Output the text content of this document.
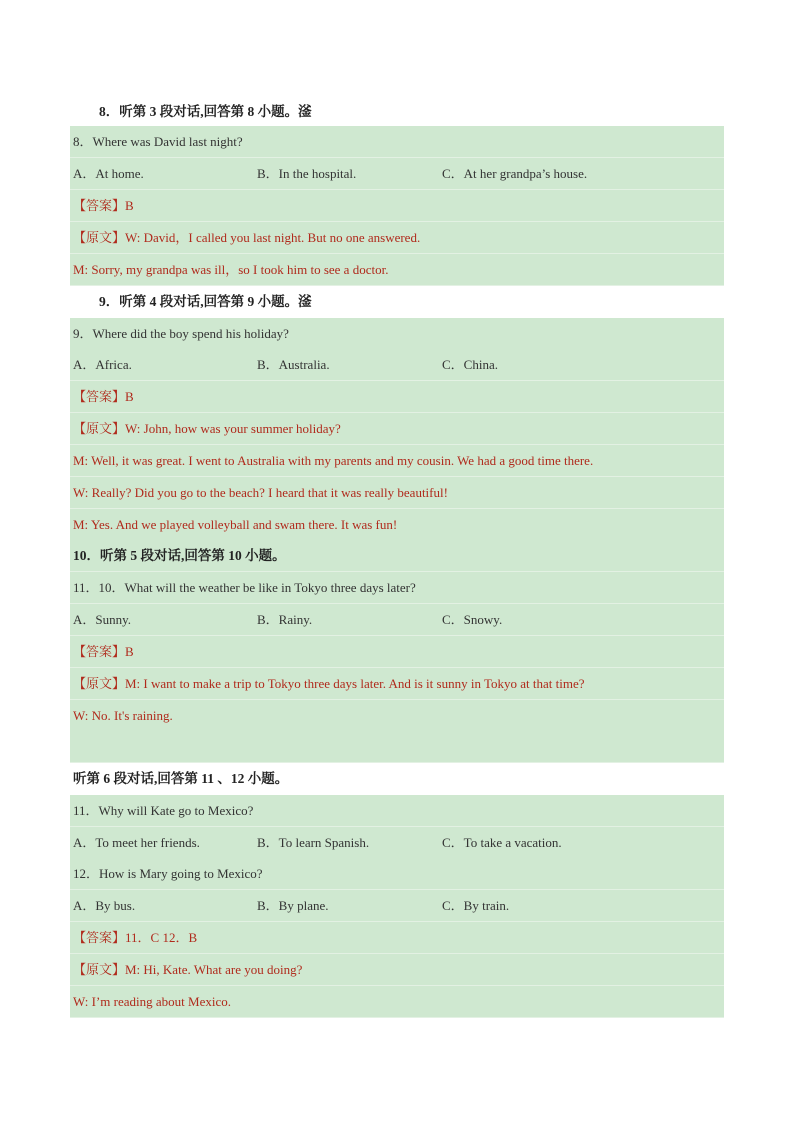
8．听第 3 段对话,回答第 8 小题。滏
8．Where was David last night?
A．At home.	B．In the hospital.	C．At her grandpa’s house.
【答案】B
【原文】W: David，I called you last night. But no one answered.
M: Sorry, my grandpa was ill，so I took him to see a doctor.
9．听第 4 段对话,回答第 9 小题。滏
9．Where did the boy spend his holiday?
A．Africa.	B．Australia.	C．China.
【答案】B
【原文】W: John, how was your summer holiday?
M: Well, it was great. I went to Australia with my parents and my cousin. We had a good time there.
W: Really? Did you go to the beach? I heard that it was really beautiful!
M: Yes. And we played volleyball and swam there. It was fun!
10．听第 5 段对话,回答第 10 小题。
11．10．What will the weather be like in Tokyo three days later?
A．Sunny.	B．Rainy.	C．Snowy.
【答案】B
【原文】M: I want to make a trip to Tokyo three days later. And is it sunny in Tokyo at that time?
W: No. It's raining.
听第 6 段对话,回答第 11 、12 小题。
11．Why will Kate go to Mexico?
A．To meet her friends.	B．To learn Spanish.	C．To take a vacation.
12．How is Mary going to Mexico?
A．By bus.	B．By plane.	C．By train.
【答案】11．C 12．B
【原文】M: Hi, Kate. What are you doing?
W: I’m reading about Mexico.
